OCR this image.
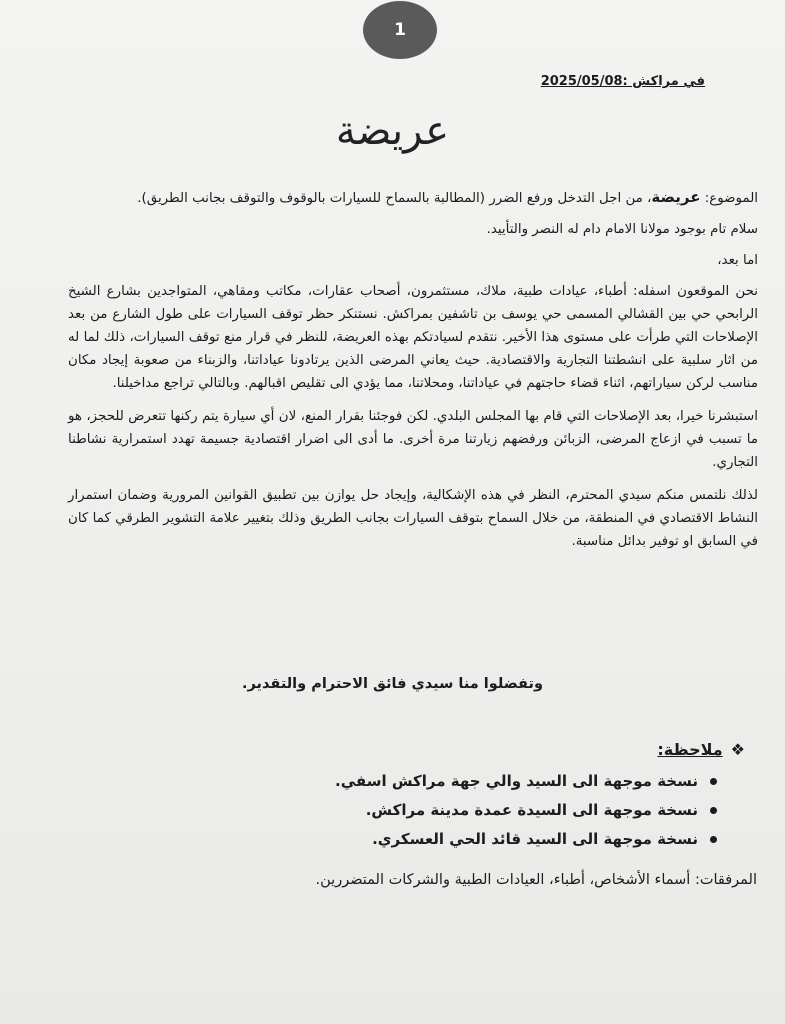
1
في مراكش :2025/05/08
عريضة

الموضوع: عريضة، من اجل التدخل ورفع الضرر (المطالبة بالسماح للسيارات بالوقوف والتوقف بجانب الطريق).

سلام تام بوجود مولانا الامام دام له النصر والتأييد.

اما بعد،

نحن الموقعون اسفله: أطباء، عيادات طبية، ملاك، مستثمرون، أصحاب عقارات، مكاتب ومقاهي، المتواجدين بشارع الشيخ الرابحي حي بين القشالي المسمى حي يوسف بن تاشفين بمراكش. نستنكر حظر توقف السيارات على طول الشارع من بعد الإصلاحات التي طرأت على مستوى هذا الأخير. نتقدم لسيادتكم بهذه العريضة، للنظر في قرار منع توقف السيارات، ذلك لما له من اثار سلبية على انشطتنا التجارية والاقتصادية. حيث يعاني المرضى الذين يرتادونا عياداتنا، والزبناء من صعوبة إيجاد مكان مناسب لركن سياراتهم، اثناء قضاء حاجتهم في عياداتنا، ومحلاتنا، مما يؤدي الى تقليص اقبالهم. وبالتالي تراجع مداخيلنا.

استبشرنا خيرا، بعد الإصلاحات التي قام بها المجلس البلدي. لكن فوجئنا بقرار المنع، لان أي سيارة يتم ركنها تتعرض للحجز، هو ما تسبب في ازعاج المرضى، الزبائن ورفضهم زيارتنا مرة أخرى. ما أدى الى اضرار اقتصادية جسيمة تهدد استمرارية نشاطنا التجاري.

لذلك نلتمس منكم سيدي المحترم، النظر في هذه الإشكالية، وإيجاد حل يوازن بين تطبيق القوانين المرورية وضمان استمرار النشاط الاقتصادي في المنطقة، من خلال السماح بتوقف السيارات بجانب الطريق وذلك بتغيير علامة التشوير الطرقي كما كان في السابق او توفير بدائل مناسبة.

وتفضلوا منا سيدي فائق الاحترام والتقدير.
❖
ملاحظة:
نسخة موجهة الى السيد والي جهة مراكش اسفي.
نسخة موجهة الى السيدة عمدة مدينة مراكش.
نسخة موجهة الى السيد قائد الحي العسكري.
المرفقات: أسماء الأشخاص، أطباء، العيادات الطبية والشركات المتضررين.
